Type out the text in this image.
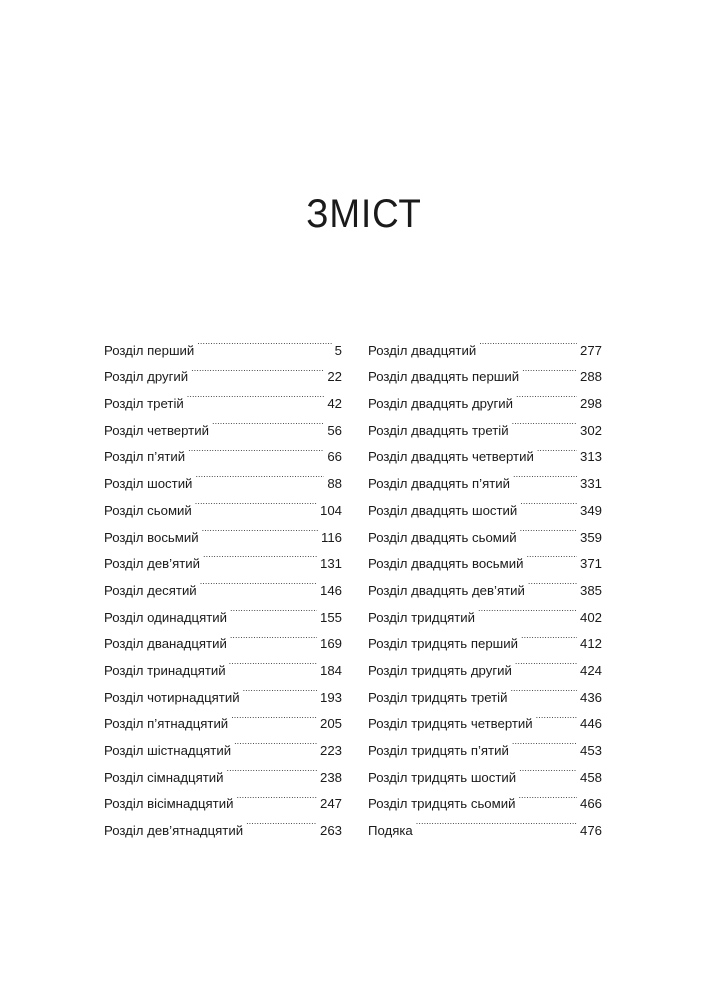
ЗМІСТ
Розділ перший . . .	5
Розділ другий . . .	22
Розділ третій . . .	42
Розділ четвертий . . .	56
Розділ п’ятий . . .	66
Розділ шостий . . .	88
Розділ сьомий . . .	104
Розділ восьмий . . .	116
Розділ дев’ятий . . .	131
Розділ десятий . . .	146
Розділ одинадцятий . . .	155
Розділ дванадцятий . . .	169
Розділ тринадцятий . . .	184
Розділ чотирнадцятий . . .	193
Розділ п’ятнадцятий . . .	205
Розділ шістнадцятий . . .	223
Розділ сімнадцятий . . .	238
Розділ вісімнадцятий . . .	247
Розділ дев’ятнадцятий . . .	263
Розділ двадцятий . . .	277
Розділ двадцять перший . . .	288
Розділ двадцять другий . . .	298
Розділ двадцять третій . . .	302
Розділ двадцять четвертий . . .	313
Розділ двадцять п’ятий . . .	331
Розділ двадцять шостий . . .	349
Розділ двадцять сьомий . . .	359
Розділ двадцять восьмий . . .	371
Розділ двадцять дев’ятий . . .	385
Розділ тридцятий . . .	402
Розділ тридцять перший . . .	412
Розділ тридцять другий . . .	424
Розділ тридцять третій . . .	436
Розділ тридцять четвертий . . .	446
Розділ тридцять п’ятий . . .	453
Розділ тридцять шостий . . .	458
Розділ тридцять сьомий . . .	466
Подяка . . .	476
